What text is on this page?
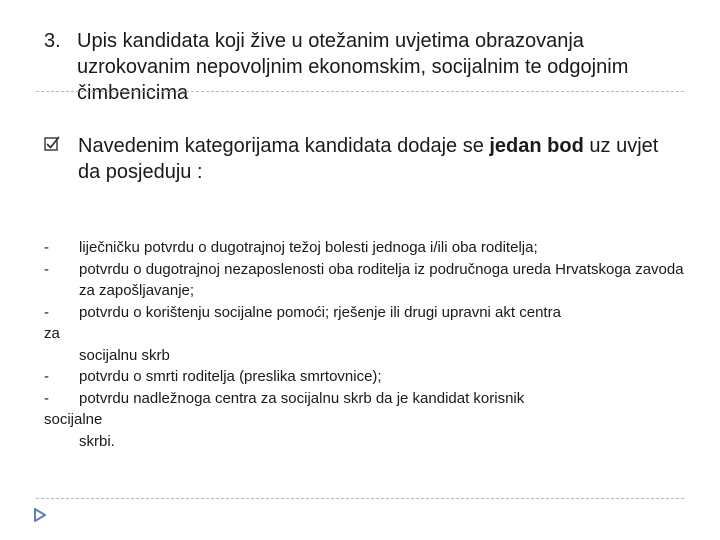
3. Upis kandidata koji žive u otežanim uvjetima obrazovanja uzrokovanim nepovoljnim ekonomskim, socijalnim te odgojnim čimbenicima
Navedenim kategorijama kandidata dodaje se jedan bod uz uvjet da posjeduju :
-	liječničku potvrdu o dugotrajnoj težoj bolesti jednoga i/ili oba roditelja;
-	potvrdu o dugotrajnoj nezaposlenosti oba roditelja iz područnoga ureda Hrvatskoga zavoda za zapošljavanje;
-	potvrdu o korištenju socijalne pomoći; rješenje ili drugi upravni akt centra
za
socijalnu skrb
-	potvrdu o smrti roditelja (preslika smrtovnice);
-	potvrdu nadležnoga centra za socijalnu skrb da je kandidat korisnik
socijalne
skrbi.
